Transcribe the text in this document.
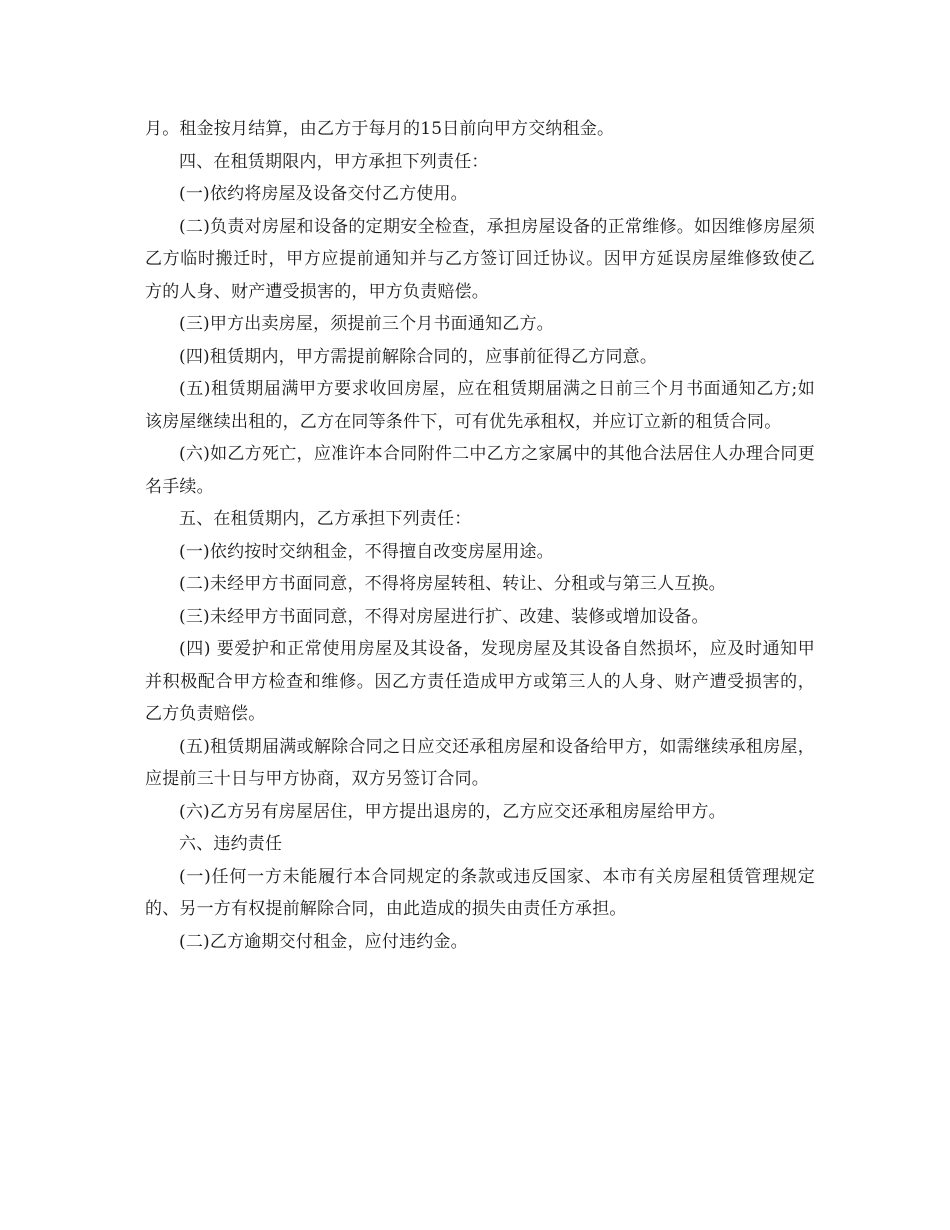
月。租金按月结算，由乙方于每月的15日前向甲方交纳租金。

四、在租赁期限内，甲方承担下列责任：

(一)依约将房屋及设备交付乙方使用。

(二)负责对房屋和设备的定期安全检查，承担房屋设备的正常维修。如因维修房屋须乙方临时搬迁时，甲方应提前通知并与乙方签订回迁协议。因甲方延误房屋维修致使乙方的人身、财产遭受损害的，甲方负责赔偿。

(三)甲方出卖房屋，须提前三个月书面通知乙方。

(四)租赁期内，甲方需提前解除合同的，应事前征得乙方同意。

(五)租赁期届满甲方要求收回房屋，应在租赁期届满之日前三个月书面通知乙方;如该房屋继续出租的，乙方在同等条件下，可有优先承租权，并应订立新的租赁合同。

(六)如乙方死亡，应准许本合同附件二中乙方之家属中的其他合法居住人办理合同更名手续。

五、在租赁期内，乙方承担下列责任：

(一)依约按时交纳租金，不得擅自改变房屋用途。

(二)未经甲方书面同意，不得将房屋转租、转让、分租或与第三人互换。

(三)未经甲方书面同意，不得对房屋进行扩、改建、装修或增加设备。

(四) 要爱护和正常使用房屋及其设备，发现房屋及其设备自然损坏，应及时通知甲并积极配合甲方检查和维修。因乙方责任造成甲方或第三人的人身、财产遭受损害的，乙方负责赔偿。

(五)租赁期届满或解除合同之日应交还承租房屋和设备给甲方，如需继续承租房屋，应提前三十日与甲方协商，双方另签订合同。

(六)乙方另有房屋居住，甲方提出退房的，乙方应交还承租房屋给甲方。

六、违约责任

(一)任何一方未能履行本合同规定的条款或违反国家、本市有关房屋租赁管理规定的、另一方有权提前解除合同，由此造成的损失由责任方承担。

(二)乙方逾期交付租金，应付违约金。
